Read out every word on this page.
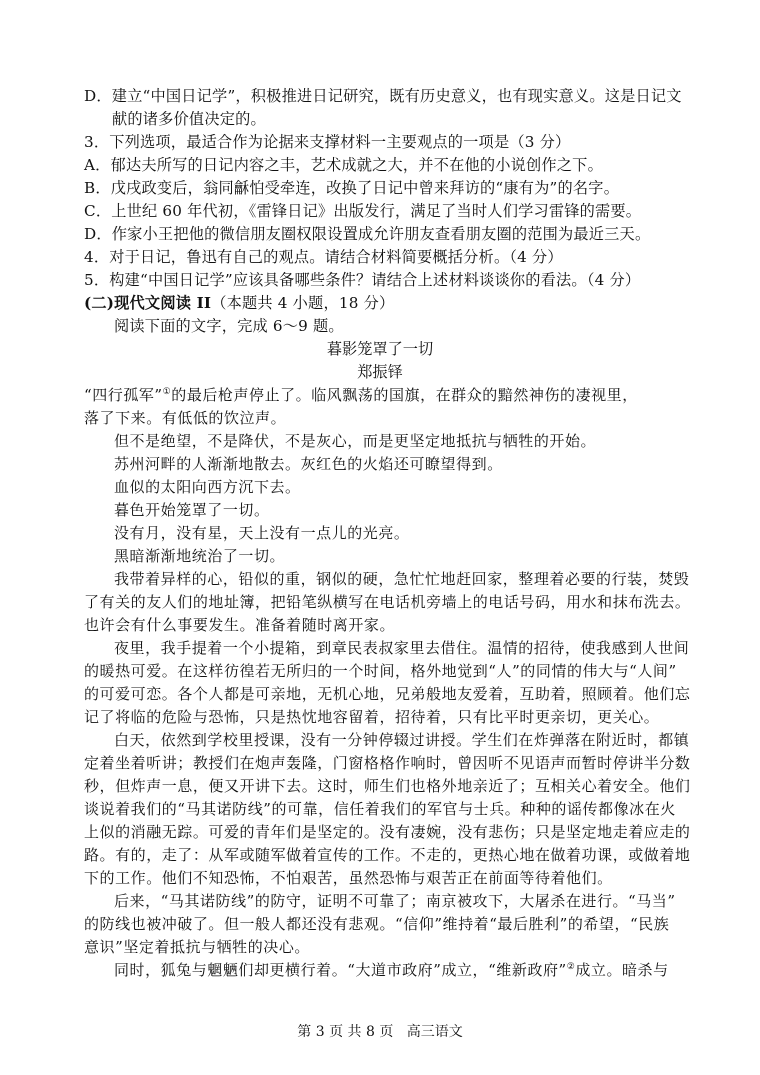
D．建立“中国日记学”，积极推进日记研究，既有历史意义，也有现实意义。这是日记文
献的诸多价值决定的。
3．下列选项，最适合作为论据来支撑材料一主要观点的一项是（3 分）
A．郁达夫所写的日记内容之丰，艺术成就之大，并不在他的小说创作之下。
B．戊戌政变后，翁同龢怕受牵连，改换了日记中曾来拜访的“康有为”的名字。
C．上世纪 60 年代初，《雷锋日记》出版发行，满足了当时人们学习雷锋的需要。
D．作家小王把他的微信朋友圈权限设置成允许朋友查看朋友圈的范围为最近三天。
4．对于日记，鲁迅有自己的观点。请结合材料简要概括分析。（4 分）
5．构建“中国日记学”应该具备哪些条件？请结合上述材料谈谈你的看法。（4 分）
(二)现代文阅读 II（本题共 4 小题，18 分）
阅读下面的文字，完成 6～9 题。
暮影笼罩了一切
郑振铎
“四行孤军”①的最后枪声停止了。临风飘荡的国旗，在群众的黯然神伤的凄视里，
落了下来。有低低的饮泣声。
但不是绝望，不是降伏，不是灰心，而是更坚定地抵抗与牺牲的开始。
苏州河畔的人渐渐地散去。灰红色的火焰还可瞭望得到。
血似的太阳向西方沉下去。
暮色开始笼罩了一切。
没有月，没有星，天上没有一点儿的光亮。
黑暗渐渐地统治了一切。
我带着异样的心，铅似的重，钢似的硬，急忙忙地赶回家，整理着必要的行装，焚毁
了有关的友人们的地址簿，把铅笔纵横写在电话机旁墙上的电话号码，用水和抹布洗去。
也许会有什么事要发生。准备着随时离开家。
夜里，我手提着一个小提箱，到章民表叔家里去借住。温情的招待，使我感到人世间
的暖热可爱。在这样彷徨若无所归的一个时间，格外地觉到“人”的同情的伟大与“人间”
的可爱可恋。各个人都是可亲地，无机心地，兄弟般地友爱着，互助着，照顾着。他们忘
记了将临的危险与恐怖，只是热忱地容留着，招待着，只有比平时更亲切，更关心。
白天，依然到学校里授课，没有一分钟停辍过讲授。学生们在炸弹落在附近时，都镇
定着坐着听讲；教授们在炮声轰隆，门窗格格作响时，曾因听不见语声而暂时停讲半分数
秒，但炸声一息，便又开讲下去。这时，师生们也格外地亲近了；互相关心着安全。他们
谈说着我们的“马其诺防线”的可靠，信任着我们的军官与士兵。种种的谣传都像冰在火
上似的消融无踪。可爱的青年们是坚定的。没有凄婉，没有悲伤；只是坚定地走着应走的
路。有的，走了：从军或随军做着宣传的工作。不走的，更热心地在做着功课，或做着地
下的工作。他们不知恐怖，不怕艰苦，虽然恐怖与艰苦正在前面等待着他们。
后来，“马其诺防线”的防守，证明不可靠了；南京被攻下，大屠杀在进行。“马当”
的防线也被冲破了。但一般人都还没有悲观。“信仰”维持着“最后胜利”的希望，“民族
意识”坚定着抵抗与牺牲的决心。
同时，狐兔与魍魉们却更横行着。“大道市政府”成立，“维新政府”②成立。暗杀与
第 3 页 共 8 页   高三语文
